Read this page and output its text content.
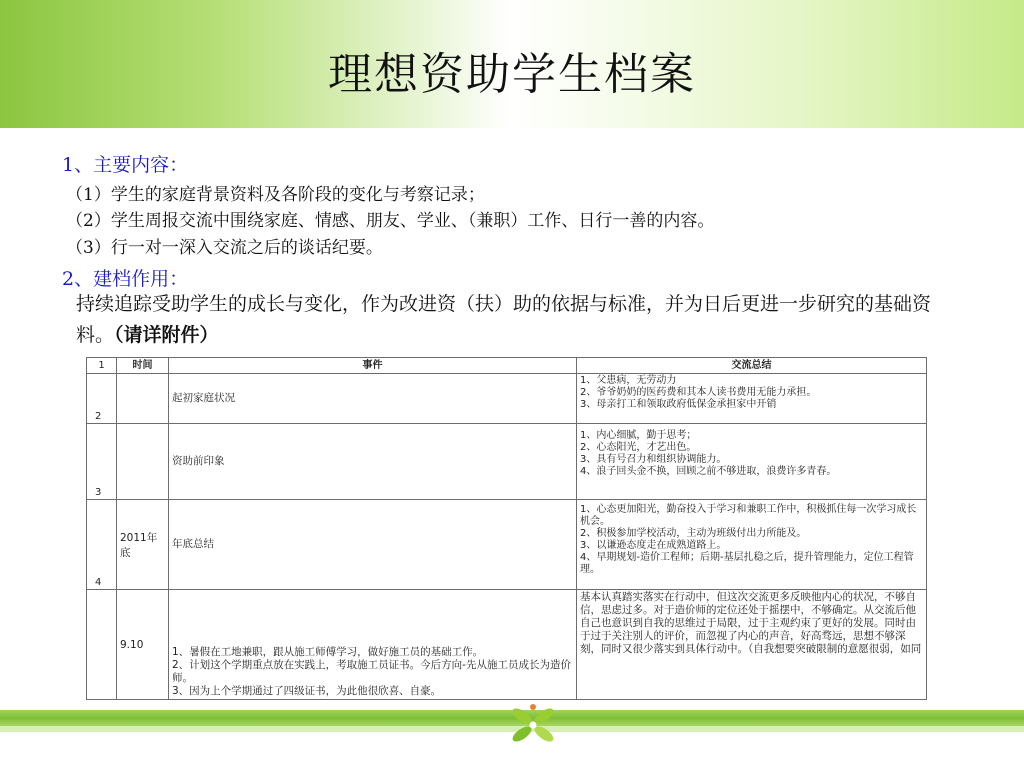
理想资助学生档案
1、主要内容：
（1）学生的家庭背景资料及各阶段的变化与考察记录；
（2）学生周报交流中围绕家庭、情感、朋友、学业、（兼职）工作、日行一善的内容。
（3）行一对一深入交流之后的谈话纪要。
2、建档作用：
持续追踪受助学生的成长与变化，作为改进资（扶）助的依据与标准，并为日后更进一步研究的基础资料。（请详附件）
1	时间	事件	交流总结
2		起初家庭状况	1、父患病，无劳动力
2、爷爷奶奶的医药费和其本人读书费用无能力承担。
3、母亲打工和领取政府低保金承担家中开销

3		资助前印象	1、内心细腻，勤于思考；
2、心态阳光，才艺出色。
3、具有号召力和组织协调能力。
4、浪子回头金不换，回顾之前不够进取，浪费许多青春。

4	2011年底	年底总结	1、心态更加阳光，勤奋投入于学习和兼职工作中，积极抓住每一次学习成长机会。
2、积极参加学校活动，主动为班级付出力所能及。
3、以谦逊态度走在成熟道路上。
4、早期规划-造价工程师；后期-基层扎稳之后，提升管理能力，定位工程管理。

	9.10	1、暑假在工地兼职，跟从施工师傅学习，做好施工员的基础工作。
2、计划这个学期重点放在实践上，考取施工员证书。今后方向-先从施工员成长为造价师。
3、因为上个学期通过了四级证书，为此他很欣喜、自豪。	基本认真踏实落实在行动中，但这次交流更多反映他内心的状况，不够自信，思虑过多。对于造价师的定位还处于摇摆中，不够确定。从交流后他自己也意识到自我的思维过于局限，过于主观约束了更好的发展。同时由于过于关注别人的评价，而忽视了内心的声音，好高骛远，思想不够深刻，同时又很少落实到具体行动中。（自我想要突破限制的意愿很弱，如同
